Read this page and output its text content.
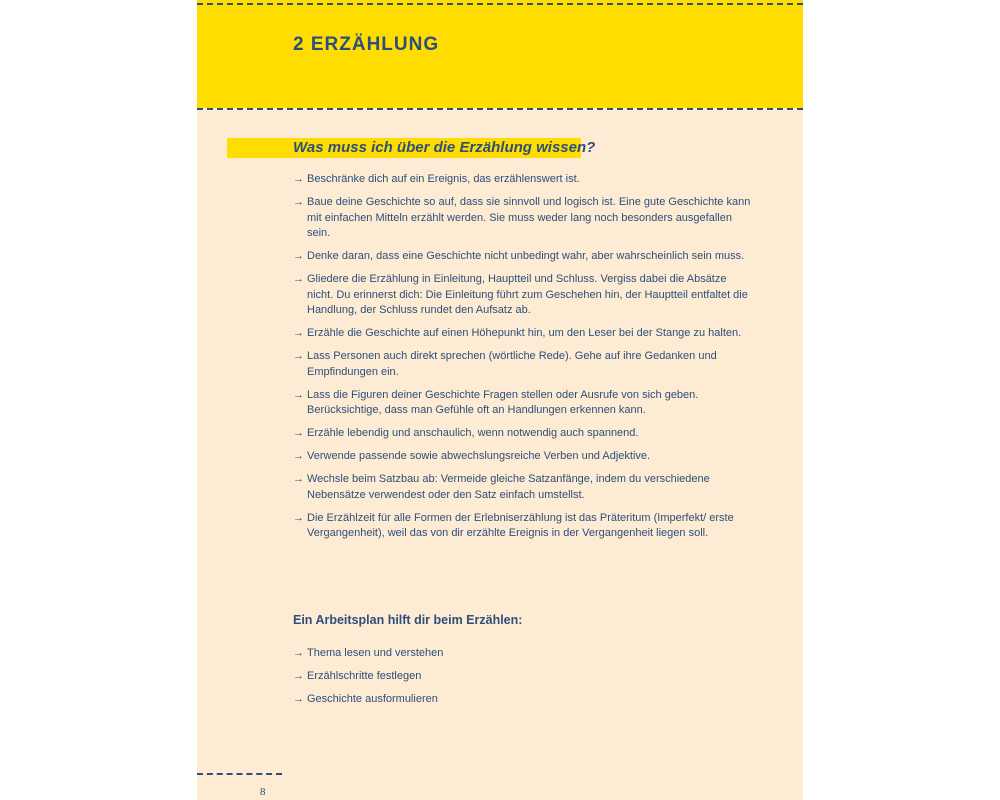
2 ERZÄHLUNG
Was muss ich über die Erzählung wissen?
→ Beschränke dich auf ein Ereignis, das erzählenswert ist.
→ Baue deine Geschichte so auf, dass sie sinnvoll und logisch ist. Eine gute Geschichte kann mit einfachen Mitteln erzählt werden. Sie muss weder lang noch besonders ausgefallen sein.
→ Denke daran, dass eine Geschichte nicht unbedingt wahr, aber wahrscheinlich sein muss.
→ Gliedere die Erzählung in Einleitung, Hauptteil und Schluss. Vergiss dabei die Absätze nicht. Du erinnerst dich: Die Einleitung führt zum Geschehen hin, der Hauptteil entfaltet die Handlung, der Schluss rundet den Aufsatz ab.
→ Erzähle die Geschichte auf einen Höhepunkt hin, um den Leser bei der Stange zu halten.
→ Lass Personen auch direkt sprechen (wörtliche Rede). Gehe auf ihre Gedanken und Empfindungen ein.
→ Lass die Figuren deiner Geschichte Fragen stellen oder Ausrufe von sich geben. Berücksichtige, dass man Gefühle oft an Handlungen erkennen kann.
→ Erzähle lebendig und anschaulich, wenn notwendig auch spannend.
→ Verwende passende sowie abwechslungsreiche Verben und Adjektive.
→ Wechsle beim Satzbau ab: Vermeide gleiche Satzanfänge, indem du verschiedene Nebensätze verwendest oder den Satz einfach umstellst.
→ Die Erzählzeit für alle Formen der Erlebniserzählung ist das Präteritum (Imperfekt/ erste Vergangenheit), weil das von dir erzählte Ereignis in der Vergangenheit liegen soll.
Ein Arbeitsplan hilft dir beim Erzählen:
→ Thema lesen und verstehen
→ Erzählschritte festlegen
→ Geschichte ausformulieren
8
